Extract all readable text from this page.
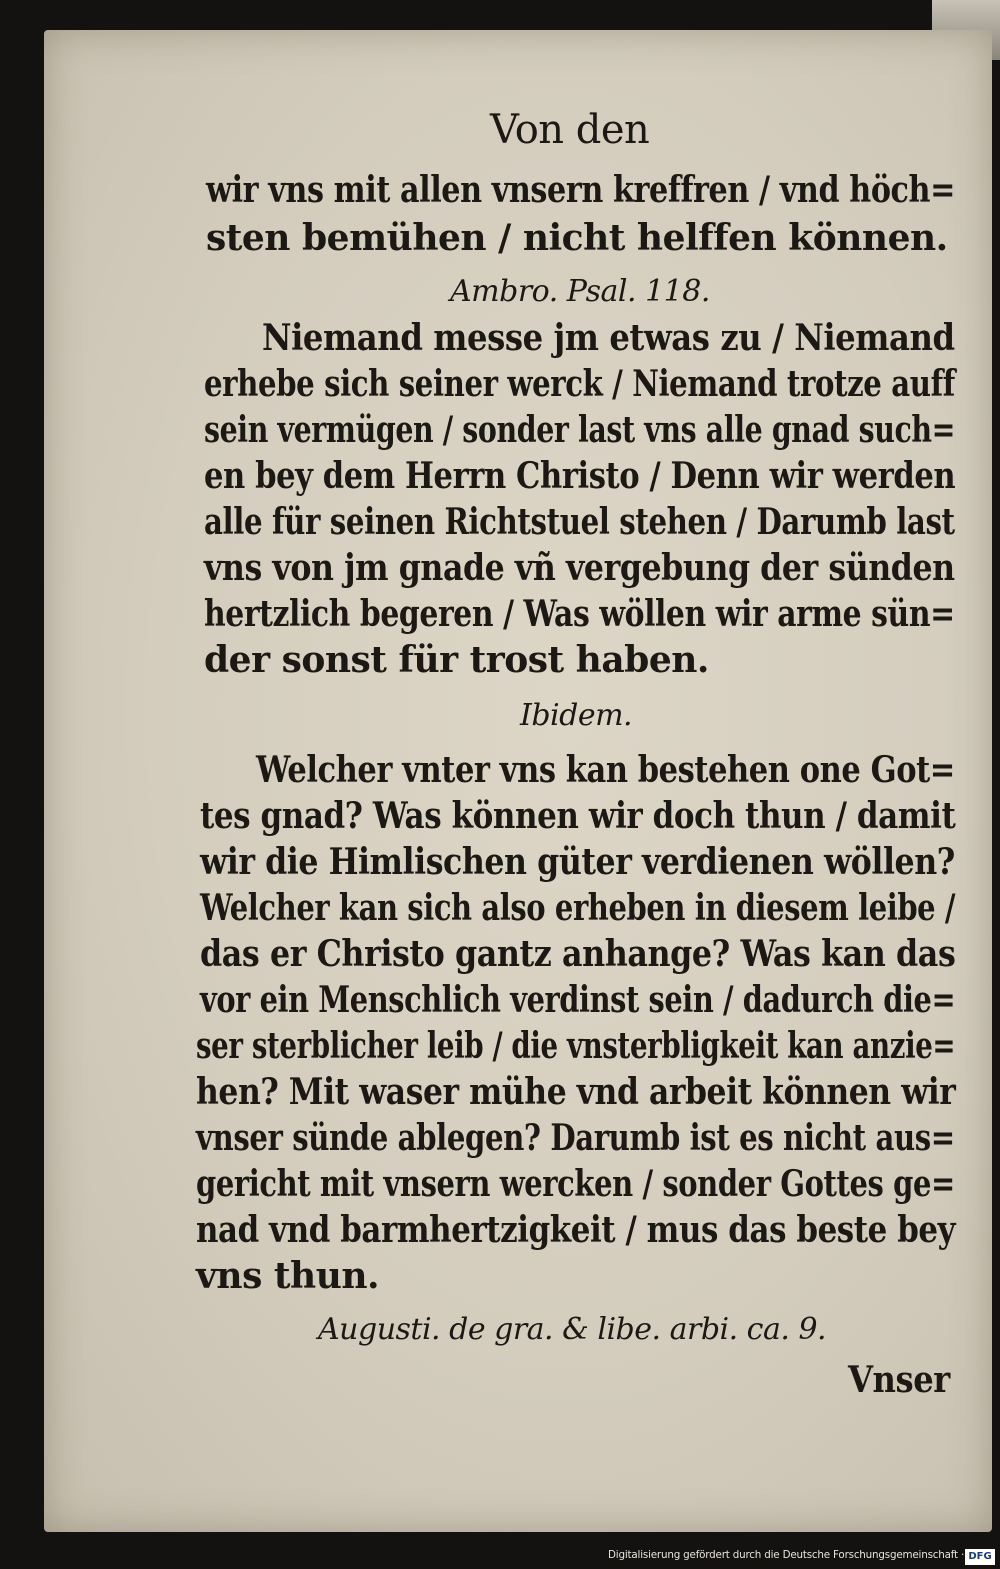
Von den
wir vns mit allen vnsern kreffren / vnd höch=
sten bemühen / nicht helffen können.
Ambro. Psal. 118.
Niemand messe jm etwas zu / Niemand
erhebe sich seiner werck / Niemand trotze auff
sein vermügen / sonder last vns alle gnad such=
en bey dem Herrn Christo / Denn wir werden
alle für seinen Richtstuel stehen / Darumb last
vns von jm gnade vñ vergebung der sünden
hertzlich begeren / Was wöllen wir arme sün=
der sonst für trost haben.
Ibidem.
Welcher vnter vns kan bestehen one Got=
tes gnad? Was können wir doch thun / damit
wir die Himlischen güter verdienen wöllen?
Welcher kan sich also erheben in diesem leibe /
das er Christo gantz anhange? Was kan das
vor ein Menschlich verdinst sein / dadurch die=
ser sterblicher leib / die vnsterbligkeit kan anzie=
hen? Mit waser mühe vnd arbeit können wir
vnser sünde ablegen? Darumb ist es nicht aus=
gericht mit vnsern wercken / sonder Gottes ge=
nad vnd barmhertzigkeit / mus das beste bey
vns thun.
Augusti. de gra. & libe. arbi. ca. 9.
Vnser
Digitalisierung gefördert durch die Deutsche Forschungsgemeinschaft · DFG
